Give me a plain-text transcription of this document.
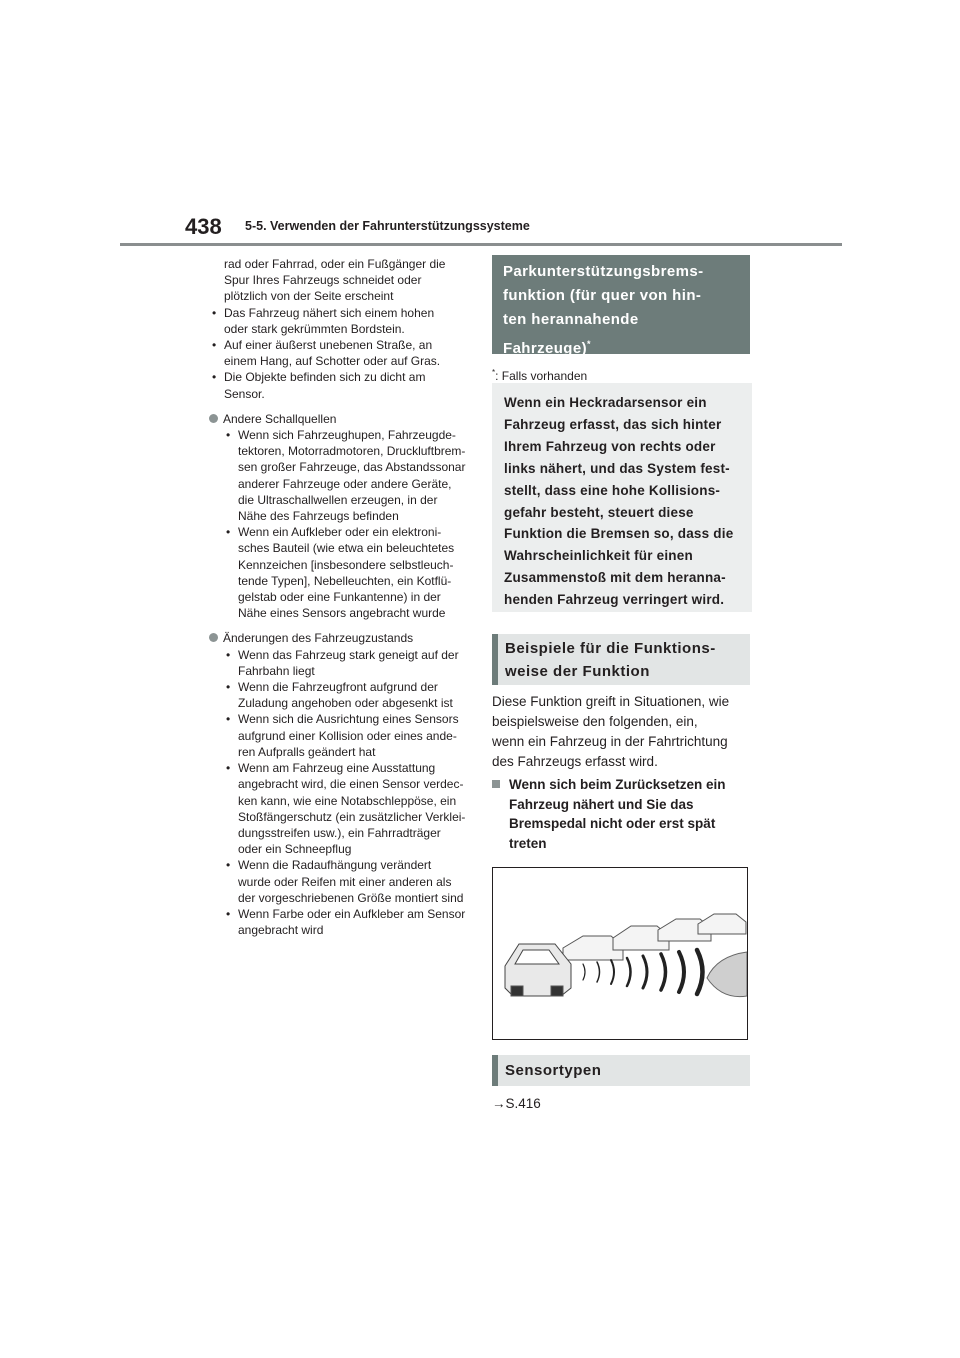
438 5-5. Verwenden der Fahrunterstützungssysteme

rad oder Fahrrad, oder ein Fußgänger die

Spur Ihres Fahrzeugs schneidet oder

plötzlich von der Seite erscheint

• Das Fahrzeug nähert sich einem hohen

oder stark gekrümmten Bordstein.

• Auf einer äußerst unebenen Straße, an

einem Hang, auf Schotter oder auf Gras.

• Die Objekte befinden sich zu dicht am

Sensor.

Andere Schallquellen

• Wenn sich Fahrzeughupen, Fahrzeugde-

tektoren, Motorradmotoren, Druckluftbrem-

sen großer Fahrzeuge, das Abstandssonar

anderer Fahrzeuge oder andere Geräte,

die Ultraschallwellen erzeugen, in der

Nähe des Fahrzeugs befinden

• Wenn ein Aufkleber oder ein elektroni-

sches Bauteil (wie etwa ein beleuchtetes

Kennzeichen [insbesondere selbstleuch-

tende Typen], Nebelleuchten, ein Kotflü-

gelstab oder eine Funkantenne) in der

Nähe eines Sensors angebracht wurde

Änderungen des Fahrzeugzustands

• Wenn das Fahrzeug stark geneigt auf der

Fahrbahn liegt

• Wenn die Fahrzeugfront aufgrund der

Zuladung angehoben oder abgesenkt ist

• Wenn sich die Ausrichtung eines Sensors

aufgrund einer Kollision oder eines ande-

ren Aufpralls geändert hat

• Wenn am Fahrzeug eine Ausstattung

angebracht wird, die einen Sensor verdec-

ken kann, wie eine Notabschleppöse, ein

Stoßfängerschutz (ein zusätzlicher Verklei-

dungsstreifen usw.), ein Fahrradträger

oder ein Schneepflug

• Wenn die Radaufhängung verändert

wurde oder Reifen mit einer anderen als

der vorgeschriebenen Größe montiert sind

• Wenn Farbe oder ein Aufkleber am Sensor

angebracht wird

Parkunterstützungsbrems-
funktion (für quer von hin-
ten herannahende
Fahrzeuge)*
*: Falls vorhanden
Wenn ein Heckradarsensor ein
Fahrzeug erfasst, das sich hinter
Ihrem Fahrzeug von rechts oder
links nähert, und das System fest-
stellt, dass eine hohe Kollisions-
gefahr besteht, steuert diese
Funktion die Bremsen so, dass die
Wahrscheinlichkeit für einen
Zusammenstoß mit dem heranna-
henden Fahrzeug verringert wird.
Beispiele für die Funktions-
weise der Funktion
Diese Funktion greift in Situationen, wie
beispielsweise den folgenden, ein,
wenn ein Fahrzeug in der Fahrtrichtung
des Fahrzeugs erfasst wird.
Wenn sich beim Zurücksetzen ein
Fahrzeug nähert und Sie das
Bremspedal nicht oder erst spät
treten
Sensortypen
→S.416
